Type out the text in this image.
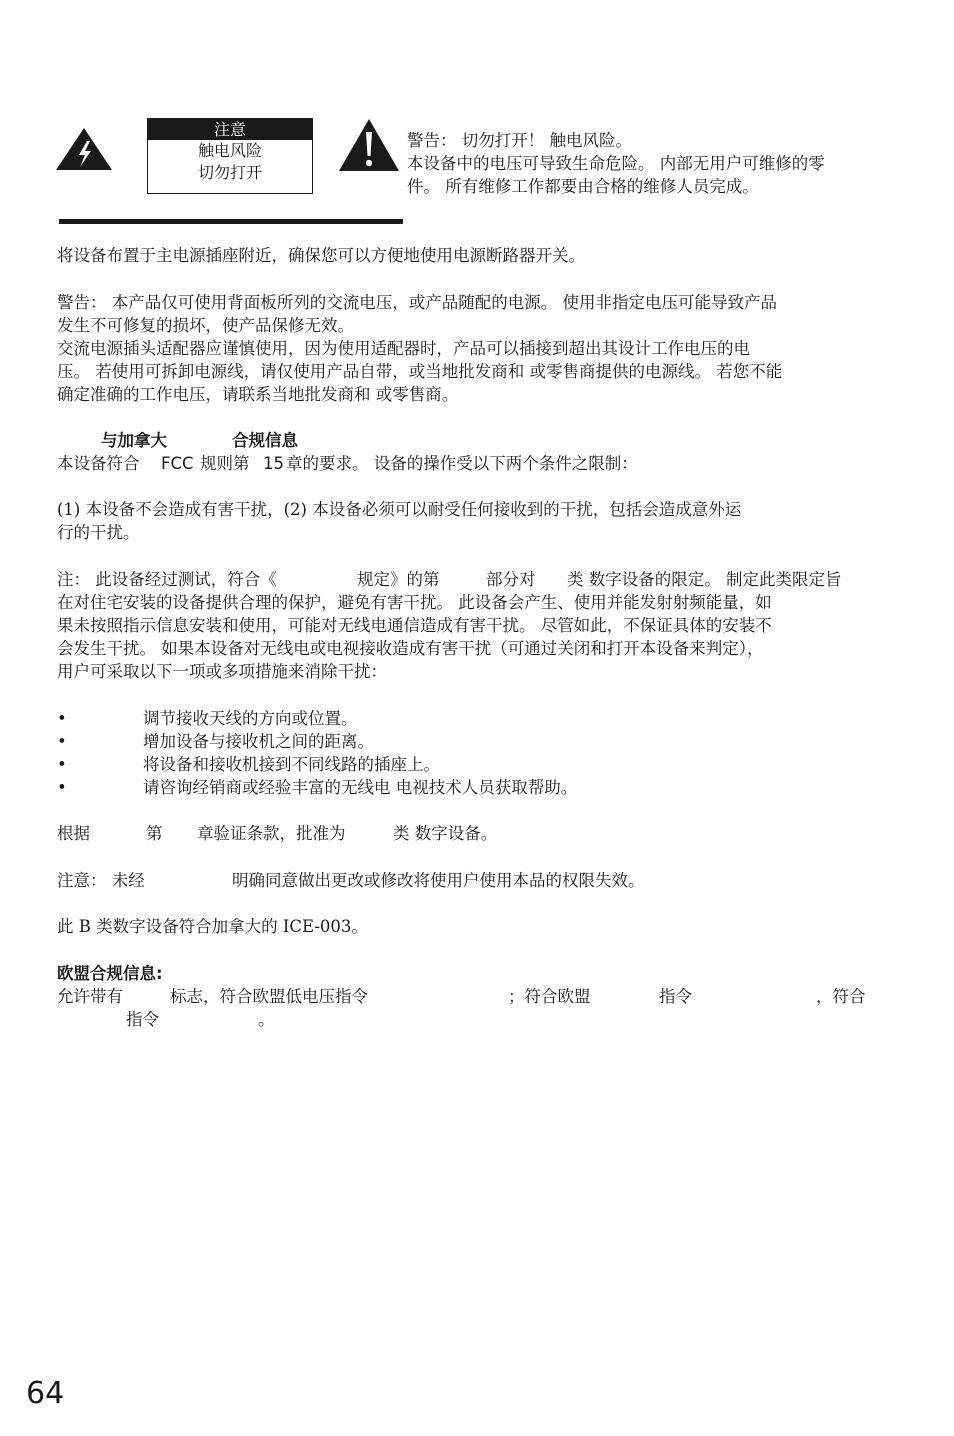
注意
触电风险
切勿打开
警告： 切勿打开！ 触电风险。
本设备中的电压可导致生命危险。 内部无用户可维修的零
件。 所有维修工作都要由合格的维修人员完成。
将设备布置于主电源插座附近，确保您可以方便地使用电源断路器开关。
警告： 本产品仅可使用背面板所列的交流电压，或产品随配的电源。 使用非指定电压可能导致产品
发生不可修复的损坏，使产品保修无效。
交流电源插头适配器应谨慎使用，因为使用适配器时，产品可以插接到超出其设计工作电压的电
压。 若使用可拆卸电源线，请仅使用产品自带，或当地批发商和 或零售商提供的电源线。 若您不能
确定准确的工作电压，请联系当地批发商和 或零售商。
与加拿大	合规信息
本设备符合 FCC 规则第 15 章的要求。 设备的操作受以下两个条件之限制：
(1) 本设备不会造成有害干扰，(2) 本设备必须可以耐受任何接收到的干扰，包括会造成意外运
行的干扰。
注： 此设备经过测试，符合《	规定》的第	部分对 类 数字设备的限定。 制定此类限定旨
在对住宅安装的设备提供合理的保护，避免有害干扰。 此设备会产生、使用并能发射射频能量，如
果未按照指示信息安装和使用，可能对无线电通信造成有害干扰。 尽管如此，不保证具体的安装不
会发生干扰。 如果本设备对无线电或电视接收造成有害干扰（可通过关闭和打开本设备来判定），
用户可采取以下一项或多项措施来消除干扰：
•	调节接收天线的方向或位置。
•	增加设备与接收机之间的距离。
•	将设备和接收机接到不同线路的插座上。
•	请咨询经销商或经验丰富的无线电 电视技术人员获取帮助。
根据	第 章验证条款，批准为	类 数字设备。
注意： 未经	明确同意做出更改或修改将使用户使用本品的权限失效。
此 B 类数字设备符合加拿大的 ICE-003。
欧盟合规信息:
允许带有	标志，符合欧盟低电压指令	；符合欧盟	指令	，符合
指令	。
64
